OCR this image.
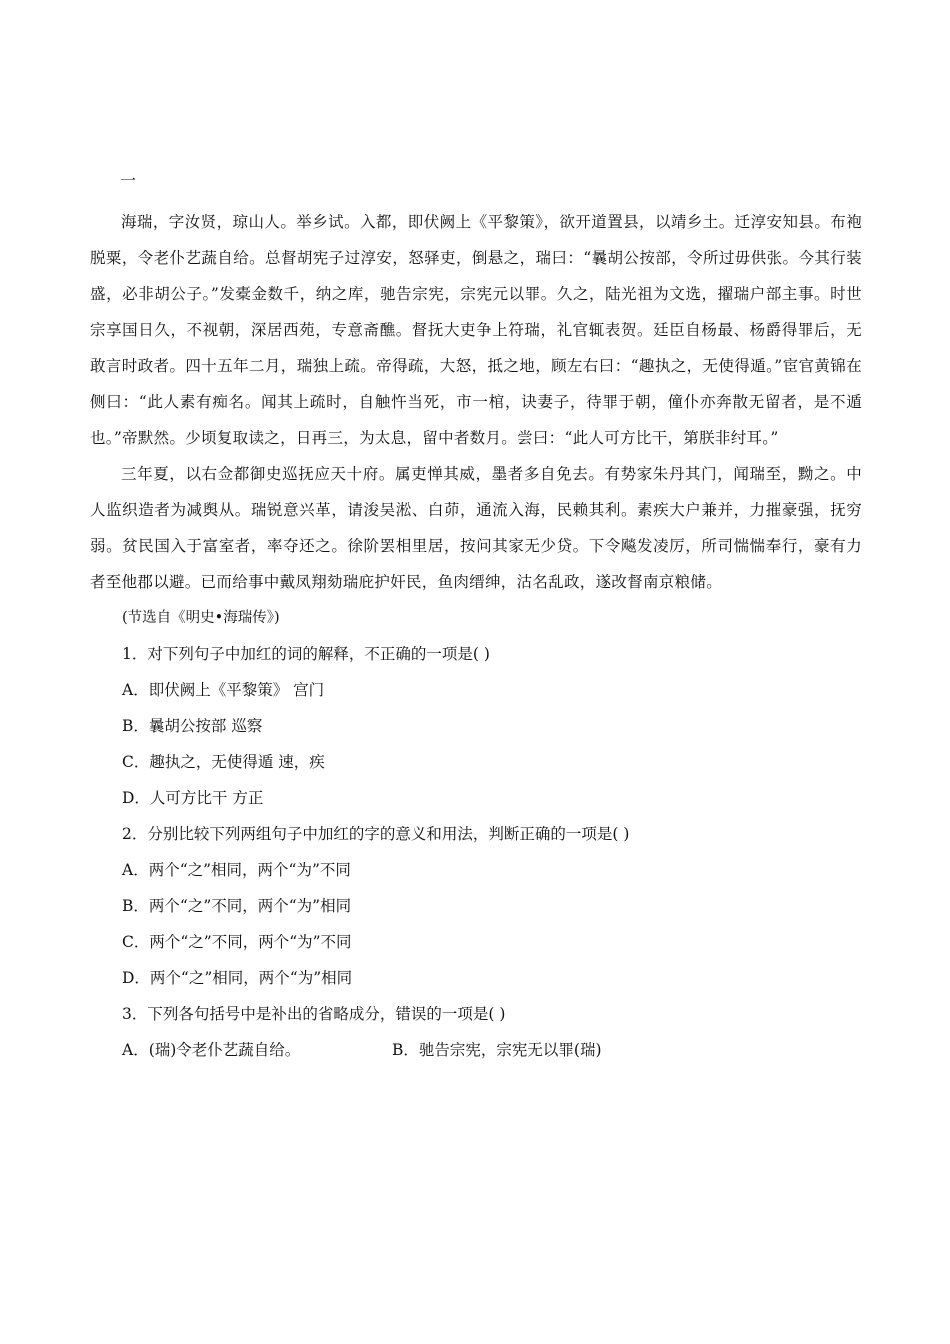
一

海瑞，字汝贤，琼山人。举乡试。入都，即伏阙上《平黎策》，欲开道置县，以靖乡土。迁淳安知县。布袍脱粟，令老仆艺蔬自给。总督胡宪子过淳安，怒驿吏，倒悬之，瑞曰：“曩胡公按部，令所过毋供张。今其行装盛，必非胡公子。”发橐金数千，纳之库，驰告宗宪，宗宪元以罪。久之，陆光祖为文选，擢瑞户部主事。时世宗享国日久，不视朝，深居西苑，专意斋醮。督抚大吏争上符瑞，礼官辄表贺。廷臣自杨最、杨爵得罪后，无敢言时政者。四十五年二月，瑞独上疏。帝得疏，大怒，抵之地，顾左右曰：“趣执之，无使得遁。”宦官黄锦在侧曰：“此人素有痴名。闻其上疏时，自触忤当死，市一棺，诀妻子，待罪于朝，僮仆亦奔散无留者，是不遁也。”帝默然。少顷复取读之，日再三，为太息，留中者数月。尝曰：“此人可方比干，第朕非纣耳。”

三年夏，以右佥都御史巡抚应天十府。属吏惮其威，墨者多自免去。有势家朱丹其门，闻瑞至，黝之。中人监织造者为减舆从。瑞锐意兴革，请浚吴淞、白茆，通流入海，民赖其利。素疾大户兼并，力摧豪强，抚穷弱。贫民国入于富室者，率夺还之。徐阶罢相里居，按问其家无少贷。下令飚发凌厉，所司惴惴奉行，豪有力者至他郡以避。已而给事中戴凤翔劾瑞庇护奸民，鱼肉缙绅，沽名乱政，遂改督南京粮储。

(节选自《明史•海瑞传》)

1．对下列句子中加红的词的解释，不正确的一项是( )

A．即伏阙上《平黎策》 宫门

B．曩胡公按部 巡察

C．趣执之，无使得遁 速，疾

D．人可方比干 方正

2．分别比较下列两组句子中加红的字的意义和用法，判断正确的一项是( )

A．两个“之”相同，两个“为”不同

B．两个“之”不同，两个“为”相同

C．两个“之”不同，两个“为”不同

D．两个“之”相同，两个“为”相同

3．下列各句括号中是补出的省略成分，错误的一项是( )

A．(瑞)令老仆艺蔬自给。	B．驰告宗宪，宗宪无以罪(瑞)
